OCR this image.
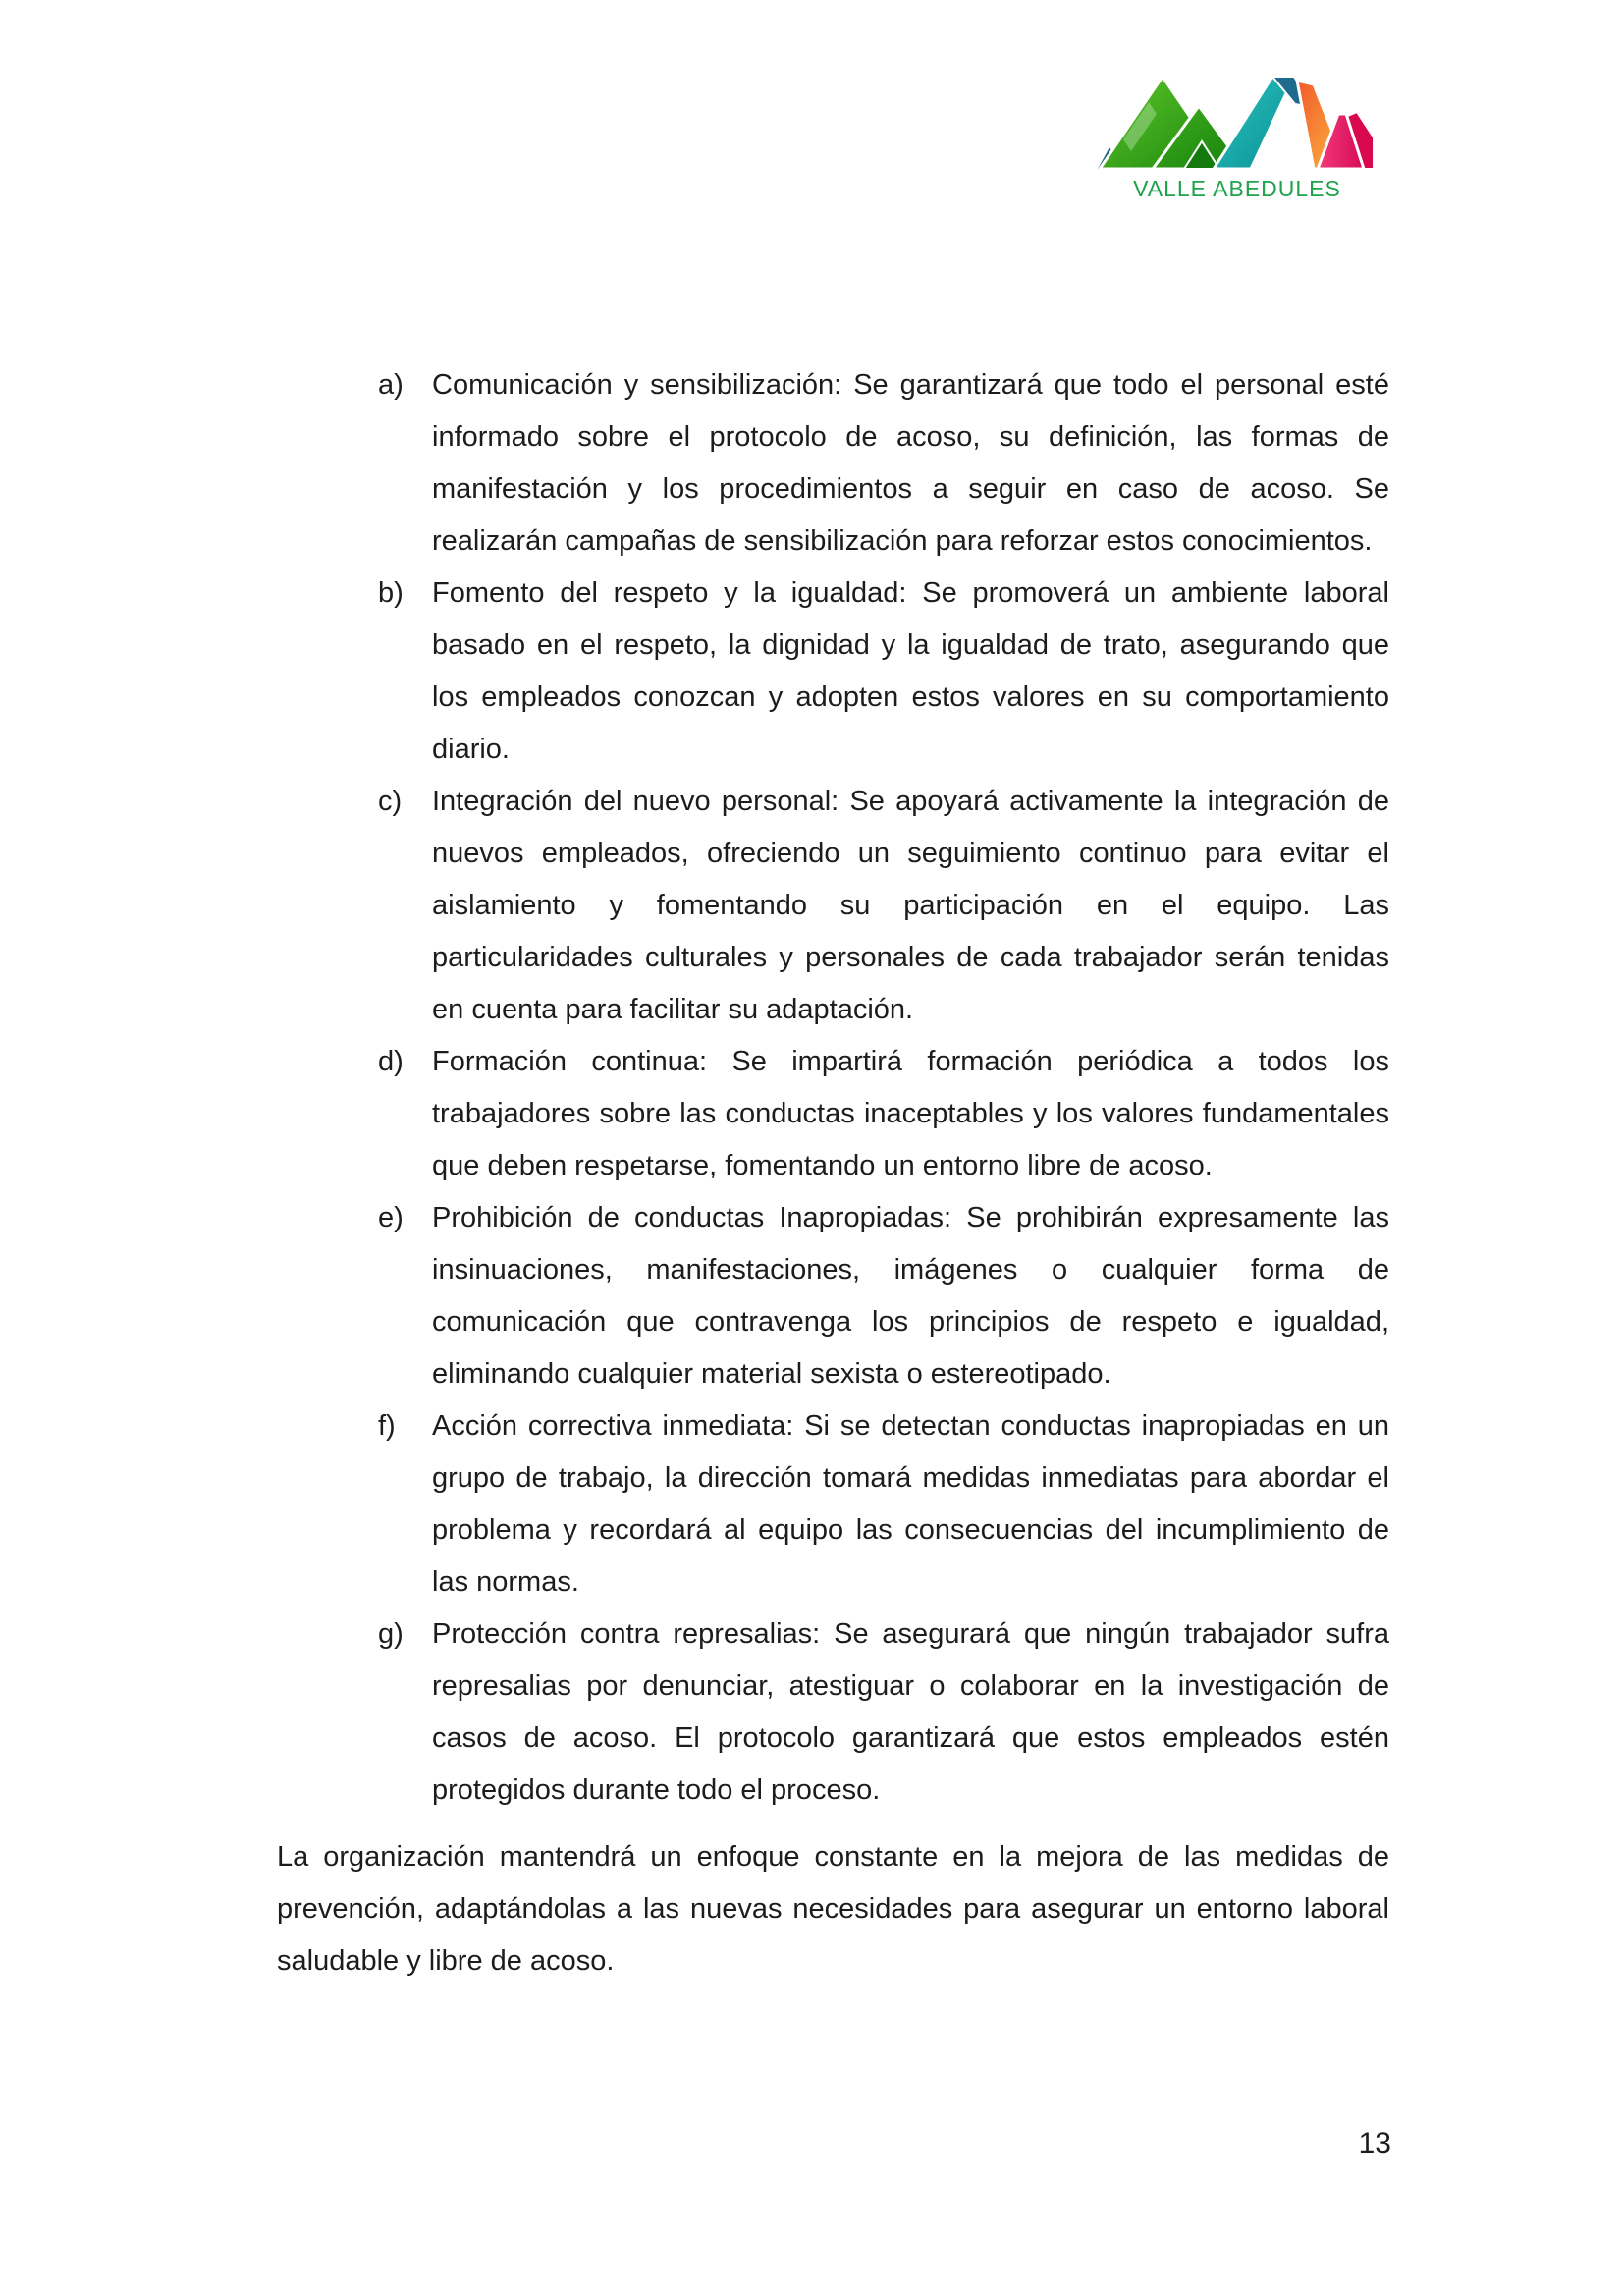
VALLE ABEDULES
a) Comunicación y sensibilización: Se garantizará que todo el personal esté informado sobre el protocolo de acoso, su definición, las formas de manifestación y los procedimientos a seguir en caso de acoso. Se realizarán campañas de sensibilización para reforzar estos conocimientos.
b) Fomento del respeto y la igualdad: Se promoverá un ambiente laboral basado en el respeto, la dignidad y la igualdad de trato, asegurando que los empleados conozcan y adopten estos valores en su comportamiento diario.
c) Integración del nuevo personal: Se apoyará activamente la integración de nuevos empleados, ofreciendo un seguimiento continuo para evitar el aislamiento y fomentando su participación en el equipo. Las particularidades culturales y personales de cada trabajador serán tenidas en cuenta para facilitar su adaptación.
d) Formación continua: Se impartirá formación periódica a todos los trabajadores sobre las conductas inaceptables y los valores fundamentales que deben respetarse, fomentando un entorno libre de acoso.
e) Prohibición de conductas Inapropiadas: Se prohibirán expresamente las insinuaciones, manifestaciones, imágenes o cualquier forma de comunicación que contravenga los principios de respeto e igualdad, eliminando cualquier material sexista o estereotipado.
f) Acción correctiva inmediata: Si se detectan conductas inapropiadas en un grupo de trabajo, la dirección tomará medidas inmediatas para abordar el problema y recordará al equipo las consecuencias del incumplimiento de las normas.
g) Protección contra represalias: Se asegurará que ningún trabajador sufra represalias por denunciar, atestiguar o colaborar en la investigación de casos de acoso. El protocolo garantizará que estos empleados estén protegidos durante todo el proceso.

La organización mantendrá un enfoque constante en la mejora de las medidas de prevención, adaptándolas a las nuevas necesidades para asegurar un entorno laboral saludable y libre de acoso.

13
